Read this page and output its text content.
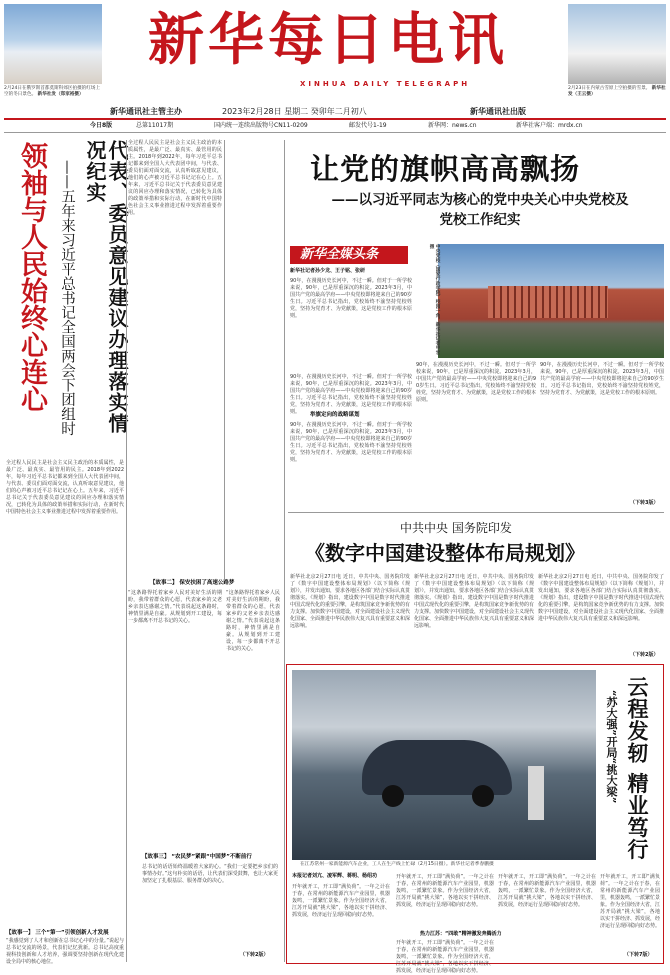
2月24日在俄罗斯首都莫斯科郊区拍摄的红场上空的冬日景色。 新华社发（郑家裕摄）
新华每日电讯
XINHUA DAILY TELEGRAPH
新华通讯社主管主办	2023年2月28日 星期二 癸卯年二月初八	新华通讯社出版
2月23日在内蒙古雪原上空拍摄的雪景。 新华社发（王云摄）
今日8版	总第11017期	国内统一连续出版物号CN11-0209	邮发代号1-19	新华网：news.cn	新华社客户端：mrdx.cn
代表、委员意见建议办理落实情况纪实
——五年来习近平总书记全国两会下团组时
领袖与人民始终心连心
全过程人民民主是社会主义民主政治的本质属性，是最广泛、最真实、最管用的民主。2018年到2022年，每年习近平总书记都来到全国人大代表团中间，与代表、委员们面对面交流，认真听取意见建议，他们的心声被习近平总书记记在心上。五年来，习近平总书记关于代表委员意见建议的回应办理和落实情况，已转化为具体的政策举措和实际行动，在新时代中国特色社会主义事业推进过程中发挥着重要作用。
【故事一】 三个“第一”引领创新人才发展
“我感觉到了人才和创新在总书记心中的分量。”说起与总书记交流的场景，代表们记忆犹新。总书记高度重视科技创新和人才培养，强调要坚持创新在现代化建设全局中的核心地位。
全过程人民民主是社会主义民主政治的本质属性，是最广泛、最真实、最管用的民主。2018年到2022年，每年习近平总书记都来到全国人大代表团中间，与代表、委员们面对面交流，认真听取意见建议，他们的心声被习近平总书记记在心上。五年来，习近平总书记关于代表委员意见建议的回应办理和落实情况，已转化为具体的政策举措和实际行动，在新时代中国特色社会主义事业推进过程中发挥着重要作用。
【故事二】 保安扶困了高速公路梦
“这条路得托着家乡人民对美好生活的期盼，我带着群众的心愿，代表家乡的父老乡亲表达感谢之情。”代表说起这条路时，神情里满是自豪。从规划到开工建设，每一步都离不开总书记的关心。
“这条路得托着家乡人民对美好生活的期盼，我带着群众的心愿，代表家乡的父老乡亲表达感谢之情。”代表说起这条路时，神情里满是自豪。从规划到开工建设，每一步都离不开总书记的关心。
【故事三】 “农民梦”紧跟“中国梦”不断前行
总书记的话语始终温暖着大家的心。“我们一定要把乡亲们的事情办好。”这句朴实的话语，让代表们深受鼓舞，也让大家更加坚定了扎根基层、服务群众的决心。
（下转2版）
让党的旗帜高高飘扬
——以习近平同志为核心的党中央关心中央党校及党校工作纪实
新华全媒头条
新华社记者孙少龙、王子铭、张研	中央党校（国家行政学院）校园一角。新华社记者申宏摄
90年，在漫漫历史长河中，不过一瞬。但对于一所学校来说，90年，已是厚重深沉的积淀。2023年3月，中国共产党的最高学府——中央党校即将迎来自己的90岁生日。习近平总书记指出，党校始终不渝坚持党校姓党，坚持为党育才、为党献策，这是党校工作的根本原则。
90年，在漫漫历史长河中，不过一瞬。但对于一所学校来说，90年，已是厚重深沉的积淀。2023年3月，中国共产党的最高学府——中央党校即将迎来自己的90岁生日。习近平总书记指出，党校始终不渝坚持党校姓党，坚持为党育才、为党献策，这是党校工作的根本原则。	举旗定向的战略谋划
90年，在漫漫历史长河中，不过一瞬。但对于一所学校来说，90年，已是厚重深沉的积淀。2023年3月，中国共产党的最高学府——中央党校即将迎来自己的90岁生日。习近平总书记指出，党校始终不渝坚持党校姓党，坚持为党育才、为党献策，这是党校工作的根本原则。
90年，在漫漫历史长河中，不过一瞬。但对于一所学校来说，90年，已是厚重深沉的积淀。2023年3月，中国共产党的最高学府——中央党校即将迎来自己的90岁生日。习近平总书记指出，党校始终不渝坚持党校姓党，坚持为党育才、为党献策，这是党校工作的根本原则。
90年，在漫漫历史长河中，不过一瞬。但对于一所学校来说，90年，已是厚重深沉的积淀。2023年3月，中国共产党的最高学府——中央党校即将迎来自己的90岁生日。习近平总书记指出，党校始终不渝坚持党校姓党，坚持为党育才、为党献策，这是党校工作的根本原则。
（下转3版）
中共中央 国务院印发
《数字中国建设整体布局规划》
新华社北京2月27日电 近日，中共中央、国务院印发了《数字中国建设整体布局规划》（以下简称《规划》），并发出通知，要求各地区各部门结合实际认真贯彻落实。《规划》指出，建设数字中国是数字时代推进中国式现代化的重要引擎，是构筑国家竞争新优势的有力支撑。加快数字中国建设，对全面建设社会主义现代化国家、全面推进中华民族伟大复兴具有重要意义和深远影响。
新华社北京2月27日电 近日，中共中央、国务院印发了《数字中国建设整体布局规划》（以下简称《规划》），并发出通知，要求各地区各部门结合实际认真贯彻落实。《规划》指出，建设数字中国是数字时代推进中国式现代化的重要引擎，是构筑国家竞争新优势的有力支撑。加快数字中国建设，对全面建设社会主义现代化国家、全面推进中华民族伟大复兴具有重要意义和深远影响。
新华社北京2月27日电 近日，中共中央、国务院印发了《数字中国建设整体布局规划》（以下简称《规划》），并发出通知，要求各地区各部门结合实际认真贯彻落实。《规划》指出，建设数字中国是数字时代推进中国式现代化的重要引擎，是构筑国家竞争新优势的有力支撑。加快数字中国建设，对全面建设社会主义现代化国家、全面推进中华民族伟大复兴具有重要意义和深远影响。
（下转2版）
在江苏常州一家新能源汽车企业，工人在生产线上忙碌（2月15日摄）。新华社记者季春鹏摄
云程发轫 精业笃行
“苏大强”开局“挑大梁”
本报记者刘亢、凌军辉、蒋明、杨绍功
开年就开工，开工即“满负荷”。一年之计在于春，在常州的新能源汽车产业园里，机器轰鸣，一派繁忙景象。作为全国经济大省，江苏开局就“挑大梁”，各地以实干拼经济、抓发展，经济运行呈现回稳向好态势。
开年就开工，开工即“满负荷”。一年之计在于春，在常州的新能源汽车产业园里，机器轰鸣，一派繁忙景象。作为全国经济大省，江苏开局就“挑大梁”，各地以实干拼经济、抓发展，经济运行呈现回稳向好态势。
热力江苏：“四敢”精神激发奔腾活力
开年就开工，开工即“满负荷”。一年之计在于春，在常州的新能源汽车产业园里，机器轰鸣，一派繁忙景象。作为全国经济大省，江苏开局就“挑大梁”，各地以实干拼经济、抓发展，经济运行呈现回稳向好态势。
开年就开工，开工即“满负荷”。一年之计在于春，在常州的新能源汽车产业园里，机器轰鸣，一派繁忙景象。作为全国经济大省，江苏开局就“挑大梁”，各地以实干拼经济、抓发展，经济运行呈现回稳向好态势。
开年就开工，开工即“满负荷”。一年之计在于春，在常州的新能源汽车产业园里，机器轰鸣，一派繁忙景象。作为全国经济大省，江苏开局就“挑大梁”，各地以实干拼经济、抓发展，经济运行呈现回稳向好态势。
（下转7版）
